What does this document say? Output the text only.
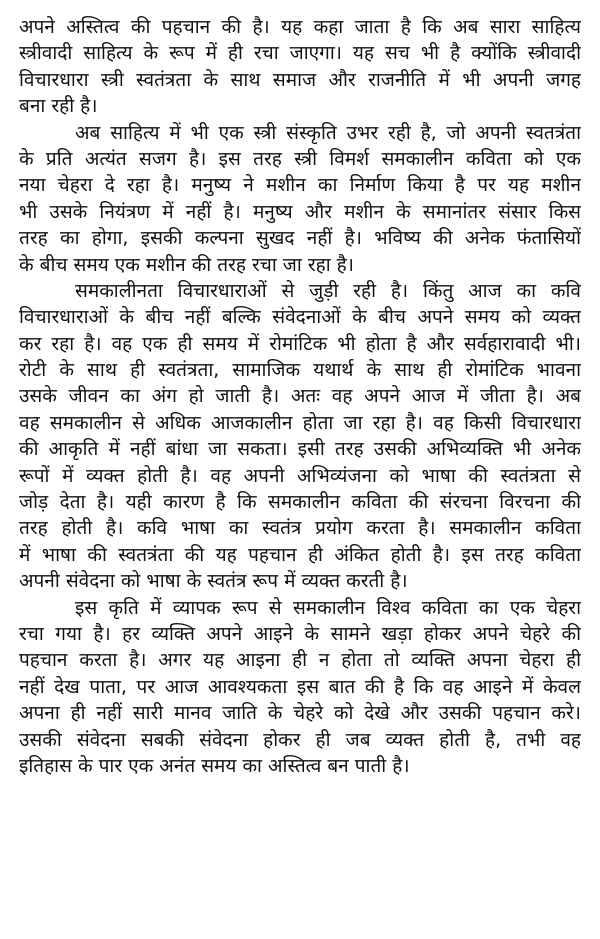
अपने अस्तित्व की पहचान की है। यह कहा जाता है कि अब सारा साहित्य
स्त्रीवादी साहित्य के रूप में ही रचा जाएगा। यह सच भी है क्योंकि स्त्रीवादी
विचारधारा स्त्री स्वतंत्रता के साथ समाज और राजनीति में भी अपनी जगह
बना रही है।
अब साहित्य में भी एक स्त्री संस्कृति उभर रही है, जो अपनी स्वतत्रंता
के प्रति अत्यंत सजग है। इस तरह स्त्री विमर्श समकालीन कविता को एक
नया चेहरा दे रहा है। मनुष्य ने मशीन का निर्माण किया है पर यह मशीन
भी उसके नियंत्रण में नहीं है। मनुष्य और मशीन के समानांतर संसार किस
तरह का होगा, इसकी कल्पना सुखद नहीं है। भविष्य की अनेक फंतासियों
के बीच समय एक मशीन की तरह रचा जा रहा है।
समकालीनता विचारधाराओं से जुड़ी रही है। किंतु आज का कवि
विचारधाराओं के बीच नहीं बल्कि संवेदनाओं के बीच अपने समय को व्यक्त
कर रहा है। वह एक ही समय में रोमांटिक भी होता है और सर्वहारावादी भी।
रोटी के साथ ही स्वतंत्रता, सामाजिक यथार्थ के साथ ही रोमांटिक भावना
उसके जीवन का अंग हो जाती है। अतः वह अपने आज में जीता है। अब
वह समकालीन से अधिक आजकालीन होता जा रहा है। वह किसी विचारधारा
की आकृति में नहीं बांधा जा सकता। इसी तरह उसकी अभिव्यक्ति भी अनेक
रूपों में व्यक्त होती है। वह अपनी अभिव्यंजना को भाषा की स्वतंत्रता से
जोड़ देता है। यही कारण है कि समकालीन कविता की संरचना विरचना की
तरह होती है। कवि भाषा का स्वतंत्र प्रयोग करता है। समकालीन कविता
में भाषा की स्वतत्रंता की यह पहचान ही अंकित होती है। इस तरह कविता
अपनी संवेदना को भाषा के स्वतंत्र रूप में व्यक्त करती है।
इस कृति में व्यापक रूप से समकालीन विश्व कविता का एक चेहरा
रचा गया है। हर व्यक्ति अपने आइने के सामने खड़ा होकर अपने चेहरे की
पहचान करता है। अगर यह आइना ही न होता तो व्यक्ति अपना चेहरा ही
नहीं देख पाता, पर आज आवश्यकता इस बात की है कि वह आइने में केवल
अपना ही नहीं सारी मानव जाति के चेहरे को देखे और उसकी पहचान करे।
उसकी संवेदना सबकी संवेदना होकर ही जब व्यक्त होती है, तभी वह
इतिहास के पार एक अनंत समय का अस्तित्व बन पाती है।
